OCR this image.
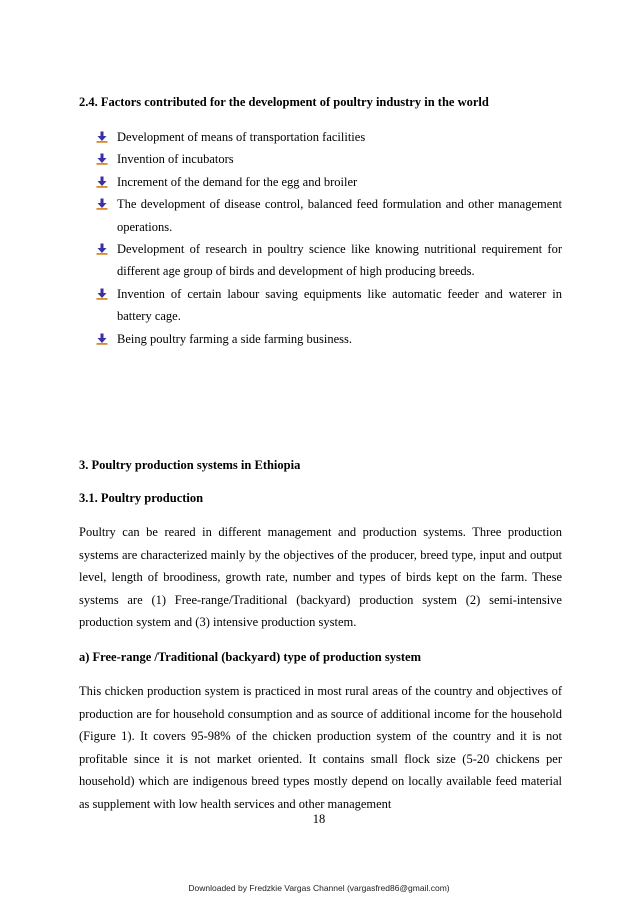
2.4. Factors contributed for the development of poultry industry in the world
Development of means of transportation facilities
Invention of incubators
Increment of the demand for the egg and broiler
The development of disease control, balanced feed formulation and other management operations.
Development of research in poultry science like knowing nutritional requirement for different age group of birds and development of high producing breeds.
Invention of certain labour saving equipments like automatic feeder and waterer in battery cage.
Being poultry farming a side farming business.
3. Poultry production systems in Ethiopia
3.1. Poultry production
Poultry can be reared in different management and production systems. Three production systems are characterized mainly by the objectives of the producer, breed type, input and output level, length of broodiness, growth rate, number and types of birds kept on the farm. These systems are (1) Free-range/Traditional (backyard) production system (2) semi-intensive production system and (3) intensive production system.
a) Free-range /Traditional (backyard) type of production system
This chicken production system is practiced in most rural areas of the country and objectives of production are for household consumption and as source of additional income for the household (Figure 1). It covers 95-98% of the chicken production system of the country and it is not profitable since it is not market oriented. It contains small flock size (5-20 chickens per household) which are indigenous breed types mostly depend on locally available feed material as supplement with low health services and other management
18
Downloaded by Fredzkie Vargas Channel (vargasfred86@gmail.com)
